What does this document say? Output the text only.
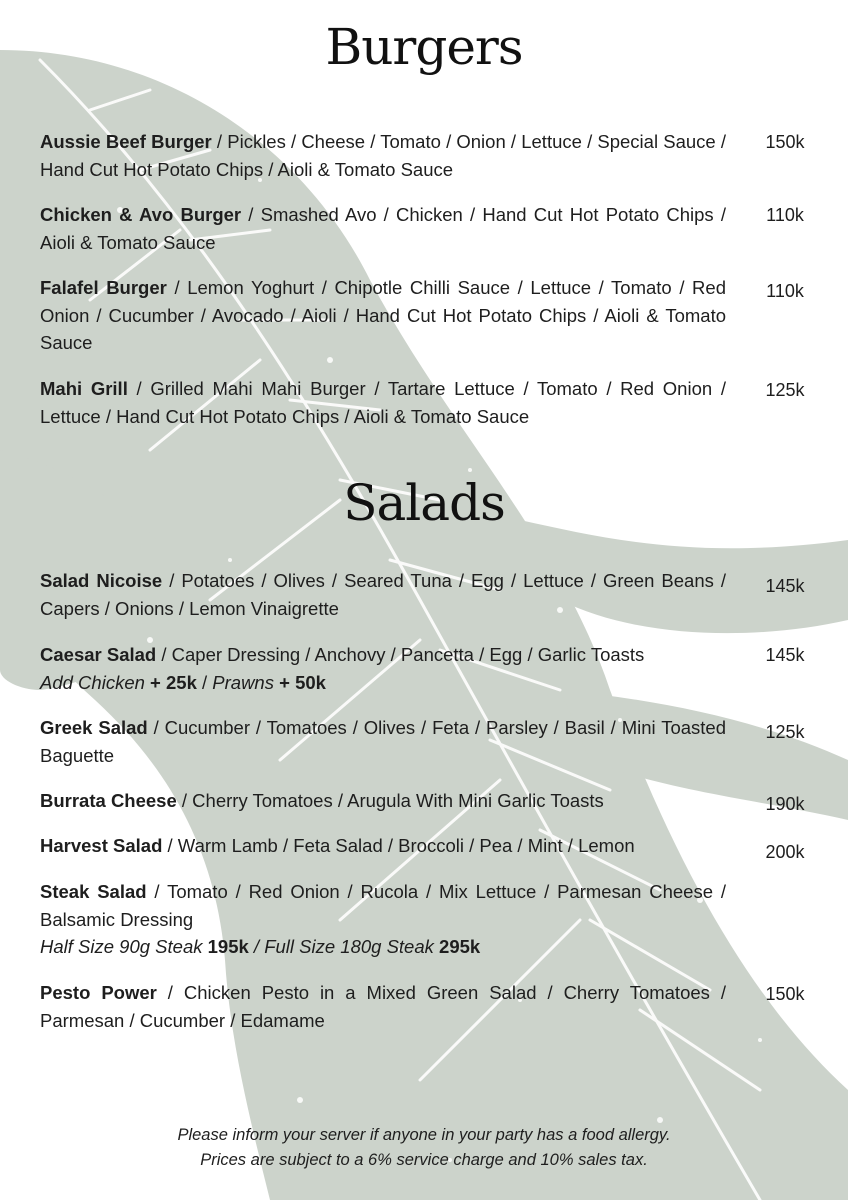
Burgers
Aussie Beef Burger / Pickles / Cheese / Tomato / Onion / Lettuce / Special Sauce / Hand Cut Hot Potato Chips / Aioli & Tomato Sauce
150k
Chicken & Avo Burger / Smashed Avo / Chicken / Hand Cut Hot Potato Chips / Aioli & Tomato Sauce
110k
Falafel Burger / Lemon Yoghurt / Chipotle Chilli Sauce / Lettuce / Tomato / Red Onion / Cucumber / Avocado / Aioli / Hand Cut Hot Potato Chips / Aioli & Tomato Sauce
110k
Mahi Grill / Grilled Mahi Mahi Burger / Tartare Lettuce / Tomato / Red Onion / Lettuce / Hand Cut Hot Potato Chips / Aioli & Tomato Sauce
125k
Salads
Salad Nicoise / Potatoes / Olives / Seared Tuna / Egg / Lettuce / Green Beans / Capers / Onions / Lemon Vinaigrette
145k
Caesar Salad / Caper Dressing / Anchovy / Pancetta / Egg / Garlic Toasts
Add Chicken + 25k / Prawns + 50k
145k
Greek Salad / Cucumber / Tomatoes / Olives / Feta / Parsley / Basil / Mini Toasted Baguette
125k
Burrata Cheese / Cherry Tomatoes / Arugula With Mini Garlic Toasts	190k
Harvest Salad / Warm Lamb / Feta Salad / Broccoli / Pea / Mint / Lemon	200k
Steak Salad / Tomato / Red Onion / Rucola / Mix Lettuce / Parmesan Cheese / Balsamic Dressing
Half Size 90g Steak 195k / Full Size 180g Steak 295k
Pesto Power / Chicken Pesto in a Mixed Green Salad / Cherry Tomatoes / Parmesan / Cucumber / Edamame
150k
Please inform your server if anyone in your party has a food allergy.
Prices are subject to a 6% service charge and 10% sales tax.
